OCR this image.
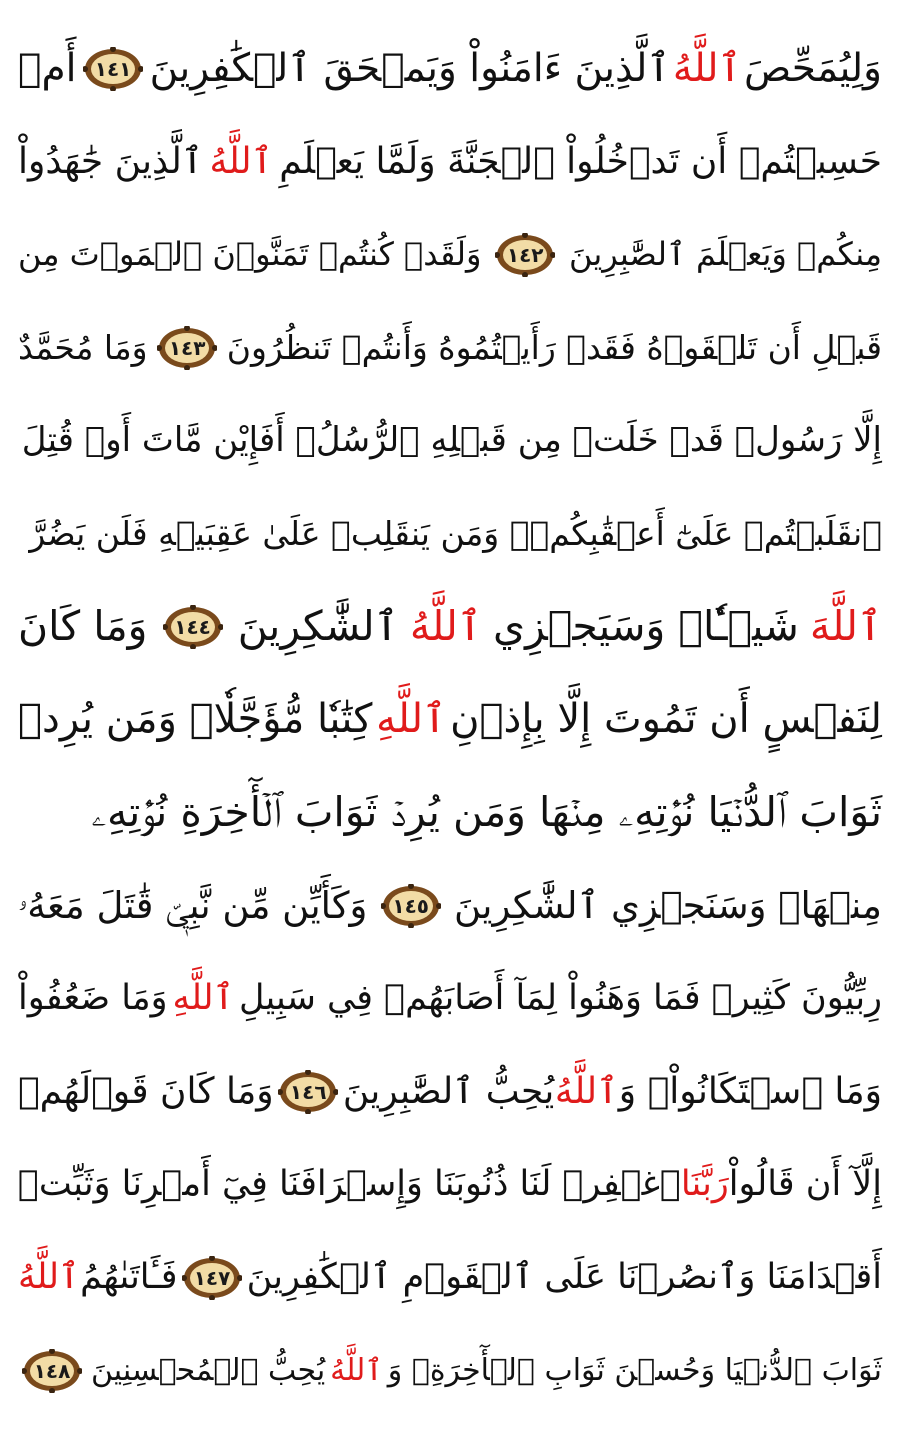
وَلِيُمَحِّصَ
ٱللَّهُ
ٱلَّذِينَ ءَامَنُواْ وَيَمۡحَقَ ٱلۡكَٰفِرِينَ
١٤١
أَمۡ
حَسِبۡتُمۡ أَن تَدۡخُلُواْ ٱلۡجَنَّةَ وَلَمَّا يَعۡلَمِ
ٱللَّهُ
ٱلَّذِينَ جَٰهَدُواْ
مِنكُمۡ وَيَعۡلَمَ ٱلصَّٰبِرِينَ
١٤٢
وَلَقَدۡ كُنتُمۡ تَمَنَّوۡنَ ٱلۡمَوۡتَ مِن
قَبۡلِ أَن تَلۡقَوۡهُ فَقَدۡ رَأَيۡتُمُوهُ وَأَنتُمۡ تَنظُرُونَ
١٤٣
وَمَا مُحَمَّدٌ
إِلَّا رَسُولٞ قَدۡ خَلَتۡ مِن قَبۡلِهِ ٱلرُّسُلُۚ أَفَإِيْن مَّاتَ أَوۡ قُتِلَ
ٱنقَلَبۡتُمۡ عَلَىٰٓ أَعۡقَٰبِكُمۡۚ وَمَن يَنقَلِبۡ عَلَىٰ عَقِبَيۡهِ فَلَن يَضُرَّ
ٱللَّهَ
شَيۡـٔٗاۗ وَسَيَجۡزِي
ٱللَّهُ
ٱلشَّٰكِرِينَ
١٤٤
وَمَا كَانَ
لِنَفۡسٍ أَن تَمُوتَ إِلَّا بِإِذۡنِ
ٱللَّهِ
كِتَٰبٗا مُّؤَجَّلٗاۗ وَمَن يُرِدۡ
ثَوَابَ ٱلدُّنۡيَا نُؤۡتِهِۦ مِنۡهَا وَمَن يُرِدۡ ثَوَابَ ٱلۡأٓخِرَةِ نُؤۡتِهِۦ
مِنۡهَاۚ وَسَنَجۡزِي ٱلشَّٰكِرِينَ
١٤٥
وَكَأَيِّن مِّن نَّبِيّٖ قَٰتَلَ مَعَهُۥ
رِبِّيُّونَ كَثِيرٞ فَمَا وَهَنُواْ لِمَآ أَصَابَهُمۡ فِي سَبِيلِ
ٱللَّهِ
وَمَا ضَعُفُواْ
وَمَا ٱسۡتَكَانُواْۗ وَ
ٱللَّهُ
يُحِبُّ ٱلصَّٰبِرِينَ
١٤٦
وَمَا كَانَ قَوۡلَهُمۡ
إِلَّآ أَن قَالُواْ
رَبَّنَا
ٱغۡفِرۡ لَنَا ذُنُوبَنَا وَإِسۡرَافَنَا فِيٓ أَمۡرِنَا وَثَبِّتۡ
أَقۡدَامَنَا وَٱنصُرۡنَا عَلَى ٱلۡقَوۡمِ ٱلۡكَٰفِرِينَ
١٤٧
فَـَٔاتَىٰهُمُ
ٱللَّهُ
ثَوَابَ ٱلدُّنۡيَا وَحُسۡنَ ثَوَابِ ٱلۡأٓخِرَةِۗ وَ
ٱللَّهُ
يُحِبُّ ٱلۡمُحۡسِنِينَ
١٤٨
